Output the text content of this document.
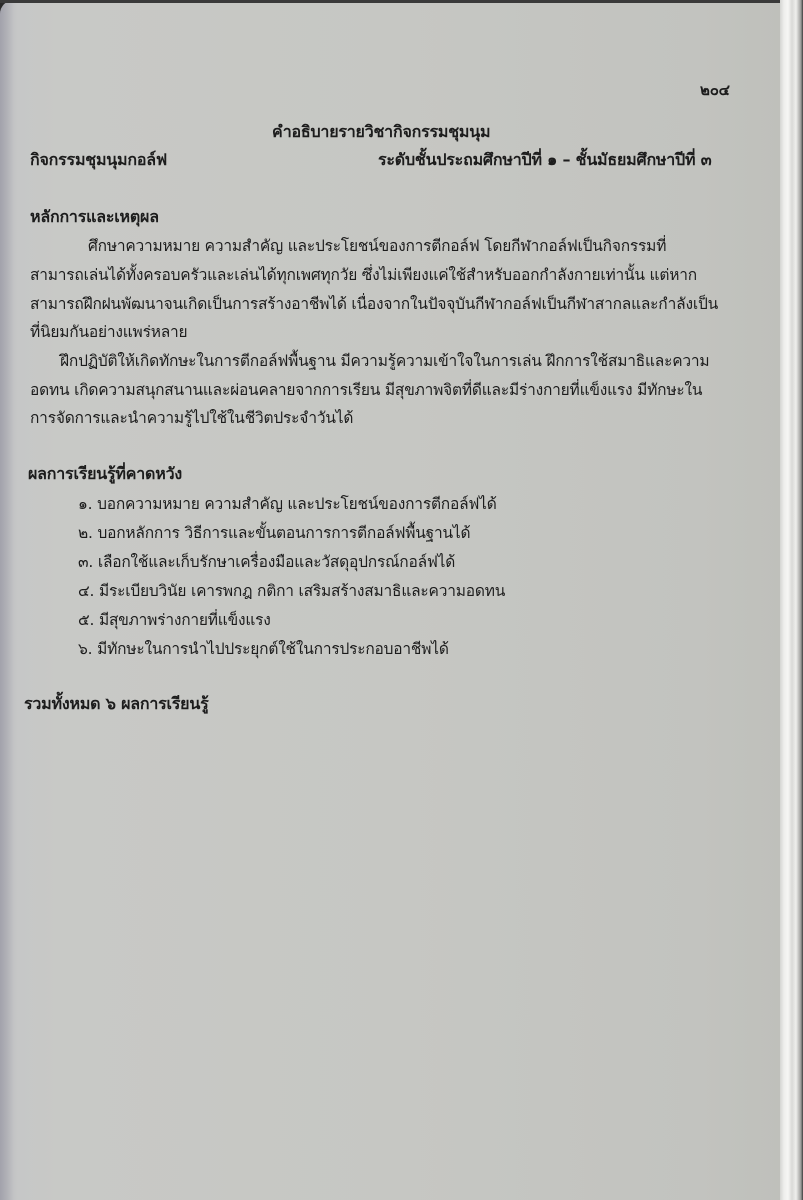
๒๐๔
คำอธิบายรายวิชากิจกรรมชุมนุม
กิจกรรมชุมนุมกอล์ฟ	ระดับชั้นประถมศึกษาปีที่ ๑ – ชั้นมัธยมศึกษาปีที่ ๓
หลักการและเหตุผล
ศึกษาความหมาย ความสำคัญ และประโยชน์ของการตีกอล์ฟ โดยกีฬากอล์ฟเป็นกิจกรรมที่
สามารถเล่นได้ทั้งครอบครัวและเล่นได้ทุกเพศทุกวัย ซึ่งไม่เพียงแค่ใช้สำหรับออกกำลังกายเท่านั้น แต่หาก
สามารถฝึกฝนพัฒนาจนเกิดเป็นการสร้างอาชีพได้ เนื่องจากในปัจจุบันกีฬากอล์ฟเป็นกีฬาสากลและกำลังเป็น
ที่นิยมกันอย่างแพร่หลาย
ฝึกปฏิบัติให้เกิดทักษะในการตีกอล์ฟพื้นฐาน มีความรู้ความเข้าใจในการเล่น ฝึกการใช้สมาธิและความ
อดทน เกิดความสนุกสนานและผ่อนคลายจากการเรียน มีสุขภาพจิตที่ดีและมีร่างกายที่แข็งแรง มีทักษะใน
การจัดการและนำความรู้ไปใช้ในชีวิตประจำวันได้
ผลการเรียนรู้ที่คาดหวัง
๑. บอกความหมาย ความสำคัญ และประโยชน์ของการตีกอล์ฟได้
๒. บอกหลักการ วิธีการและขั้นตอนการการตีกอล์ฟพื้นฐานได้
๓. เลือกใช้และเก็บรักษาเครื่องมือและวัสดุอุปกรณ์กอล์ฟได้
๔. มีระเบียบวินัย เคารพกฎ กติกา เสริมสร้างสมาธิและความอดทน
๕. มีสุขภาพร่างกายที่แข็งแรง
๖. มีทักษะในการนำไปประยุกต์ใช้ในการประกอบอาชีพได้
รวมทั้งหมด ๖ ผลการเรียนรู้
